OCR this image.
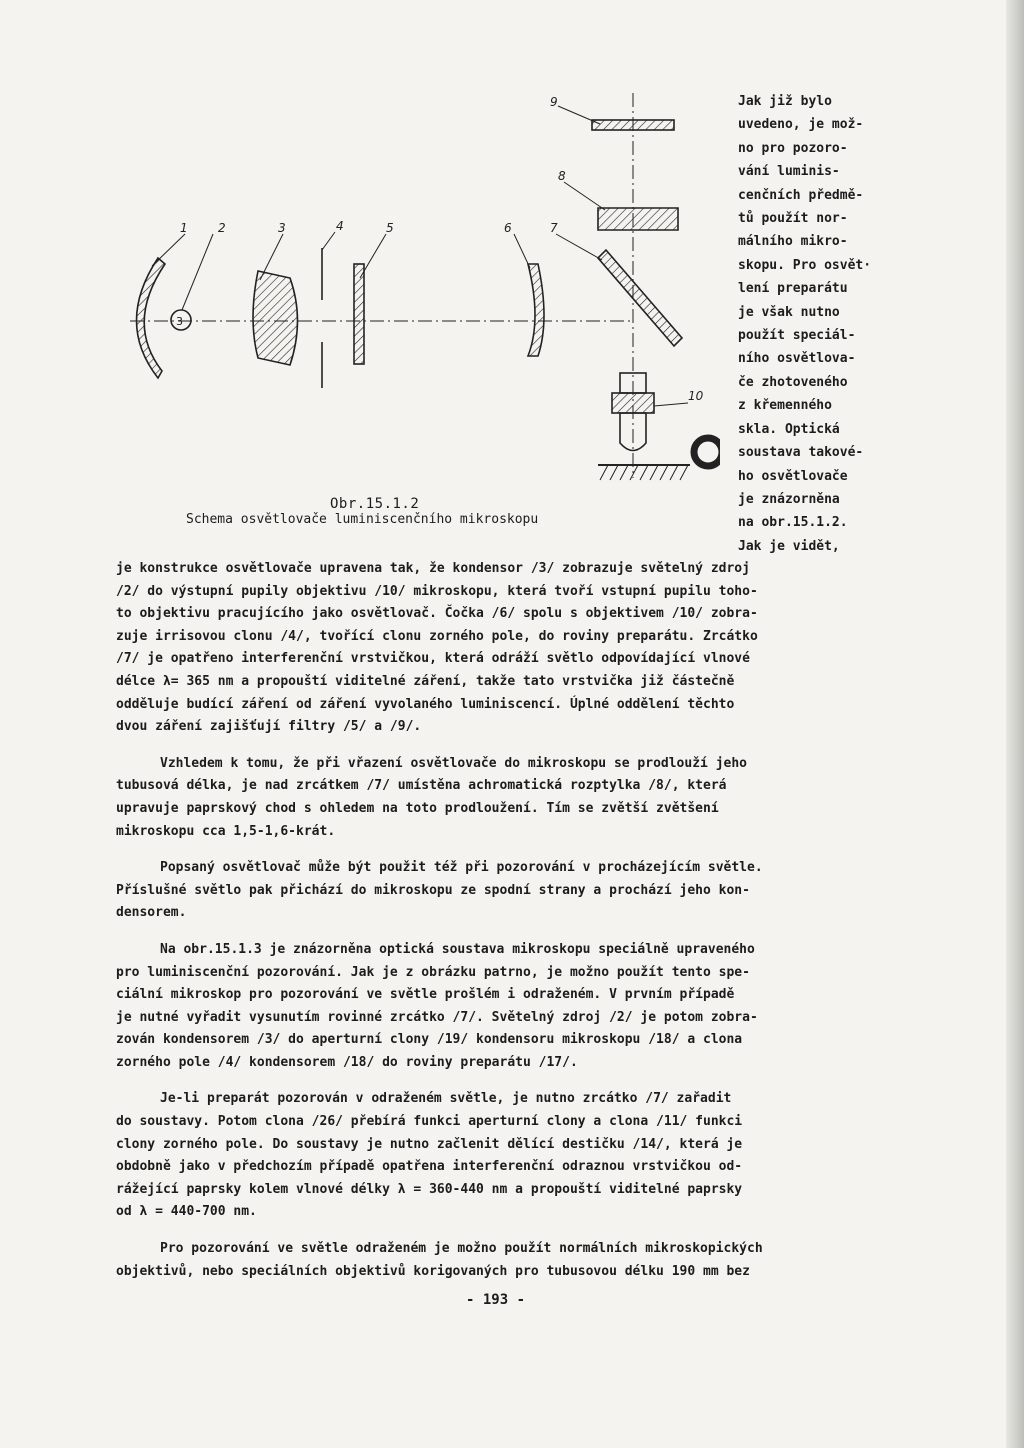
3
1	2	3	4	5	6	7
8
9
10
Obr.15.1.2
Schema osvětlovače luminiscenčního mikroskopu
Jak již bylo
uvedeno, je mož-
no pro pozoro-
vání luminis-
cenčních předmě-
tů použít nor-
málního mikro-
skopu. Pro osvět·
lení preparátu
je však nutno
použít speciál-
ního osvětlova-
če zhotoveného
z křemenného
skla. Optická
soustava takové-
ho osvětlovače
je znázorněna
na obr.15.1.2.
Jak je vidět,

je konstrukce osvětlovače upravena tak, že kondensor /3/ zobrazuje světelný zdroj
/2/ do výstupní pupily objektivu /10/ mikroskopu, která tvoří vstupní pupilu toho-
to objektivu pracujícího jako osvětlovač. Čočka /6/ spolu s objektivem /10/ zobra-
zuje irrisovou clonu /4/, tvořící clonu zorného pole, do roviny preparátu. Zrcátko
/7/ je opatřeno interferenční vrstvičkou, která odráží světlo odpovídající vlnové
délce λ= 365 nm a propouští viditelné záření, takže tato vrstvička již částečně
odděluje budící záření od záření vyvolaného luminiscencí. Úplné oddělení těchto
dvou záření zajišťují filtry /5/ a /9/.

Vzhledem k tomu, že při vřazení osvětlovače do mikroskopu se prodlouží jeho
tubusová délka, je nad zrcátkem /7/ umístěna achromatická rozptylka /8/, která
upravuje paprskový chod s ohledem na toto prodloužení. Tím se zvětší zvětšení
mikroskopu cca 1,5-1,6-krát.

Popsaný osvětlovač může být použit též při pozorování v procházejícím světle.
Příslušné světlo pak přichází do mikroskopu ze spodní strany a prochází jeho kon-
densorem.

Na obr.15.1.3 je znázorněna optická soustava mikroskopu speciálně upraveného
pro luminiscenční pozorování. Jak je z obrázku patrno, je možno použít tento spe-
ciální mikroskop pro pozorování ve světle prošlém i odraženém. V prvním případě
je nutné vyřadit vysunutím rovinné zrcátko /7/. Světelný zdroj /2/ je potom zobra-
zován kondensorem /3/ do aperturní clony /19/ kondensoru mikroskopu /18/ a clona
zorného pole /4/ kondensorem /18/ do roviny preparátu /17/.

Je-li preparát pozorován v odraženém světle, je nutno zrcátko /7/ zařadit
do soustavy. Potom clona /26/ přebírá funkci aperturní clony a clona /11/ funkci
clony zorného pole. Do soustavy je nutno začlenit dělící destičku /14/, která je
obdobně jako v předchozím případě opatřena interferenční odraznou vrstvičkou od-
rážející paprsky kolem vlnové délky λ = 360-440 nm a propouští viditelné paprsky
od λ = 440-700 nm.

Pro pozorování ve světle odraženém je možno použít normálních mikroskopických
objektivů, nebo speciálních objektivů korigovaných pro tubusovou délku 190 mm bez

- 193 -
